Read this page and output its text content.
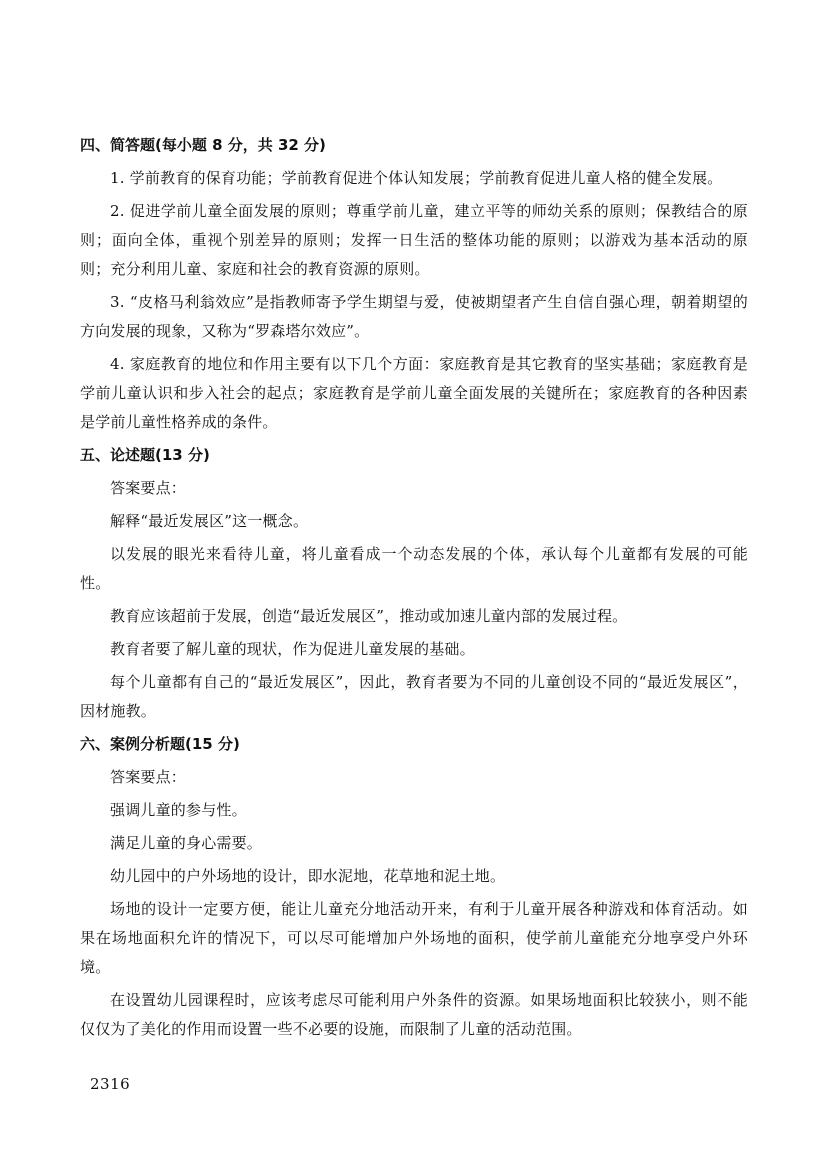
四、简答题(每小题 8 分，共 32 分)

1. 学前教育的保育功能；学前教育促进个体认知发展；学前教育促进儿童人格的健全发展。

2. 促进学前儿童全面发展的原则；尊重学前儿童，建立平等的师幼关系的原则；保教结合的原则；面向全体，重视个别差异的原则；发挥一日生活的整体功能的原则；以游戏为基本活动的原则；充分利用儿童、家庭和社会的教育资源的原则。

3. “皮格马利翁效应”是指教师寄予学生期望与爱，使被期望者产生自信自强心理，朝着期望的方向发展的现象，又称为“罗森塔尔效应”。

4. 家庭教育的地位和作用主要有以下几个方面：家庭教育是其它教育的坚实基础；家庭教育是学前儿童认识和步入社会的起点；家庭教育是学前儿童全面发展的关键所在；家庭教育的各种因素是学前儿童性格养成的条件。

五、论述题(13 分)

答案要点：

解释“最近发展区”这一概念。

以发展的眼光来看待儿童，将儿童看成一个动态发展的个体，承认每个儿童都有发展的可能性。

教育应该超前于发展，创造“最近发展区”，推动或加速儿童内部的发展过程。

教育者要了解儿童的现状，作为促进儿童发展的基础。

每个儿童都有自己的“最近发展区”，因此，教育者要为不同的儿童创设不同的“最近发展区”，因材施教。

六、案例分析题(15 分)

答案要点：

强调儿童的参与性。

满足儿童的身心需要。

幼儿园中的户外场地的设计，即水泥地，花草地和泥土地。

场地的设计一定要方便，能让儿童充分地活动开来，有利于儿童开展各种游戏和体育活动。如果在场地面积允许的情况下，可以尽可能增加户外场地的面积，使学前儿童能充分地享受户外环境。

在设置幼儿园课程时，应该考虑尽可能利用户外条件的资源。如果场地面积比较狭小，则不能仅仅为了美化的作用而设置一些不必要的设施，而限制了儿童的活动范围。

2316
